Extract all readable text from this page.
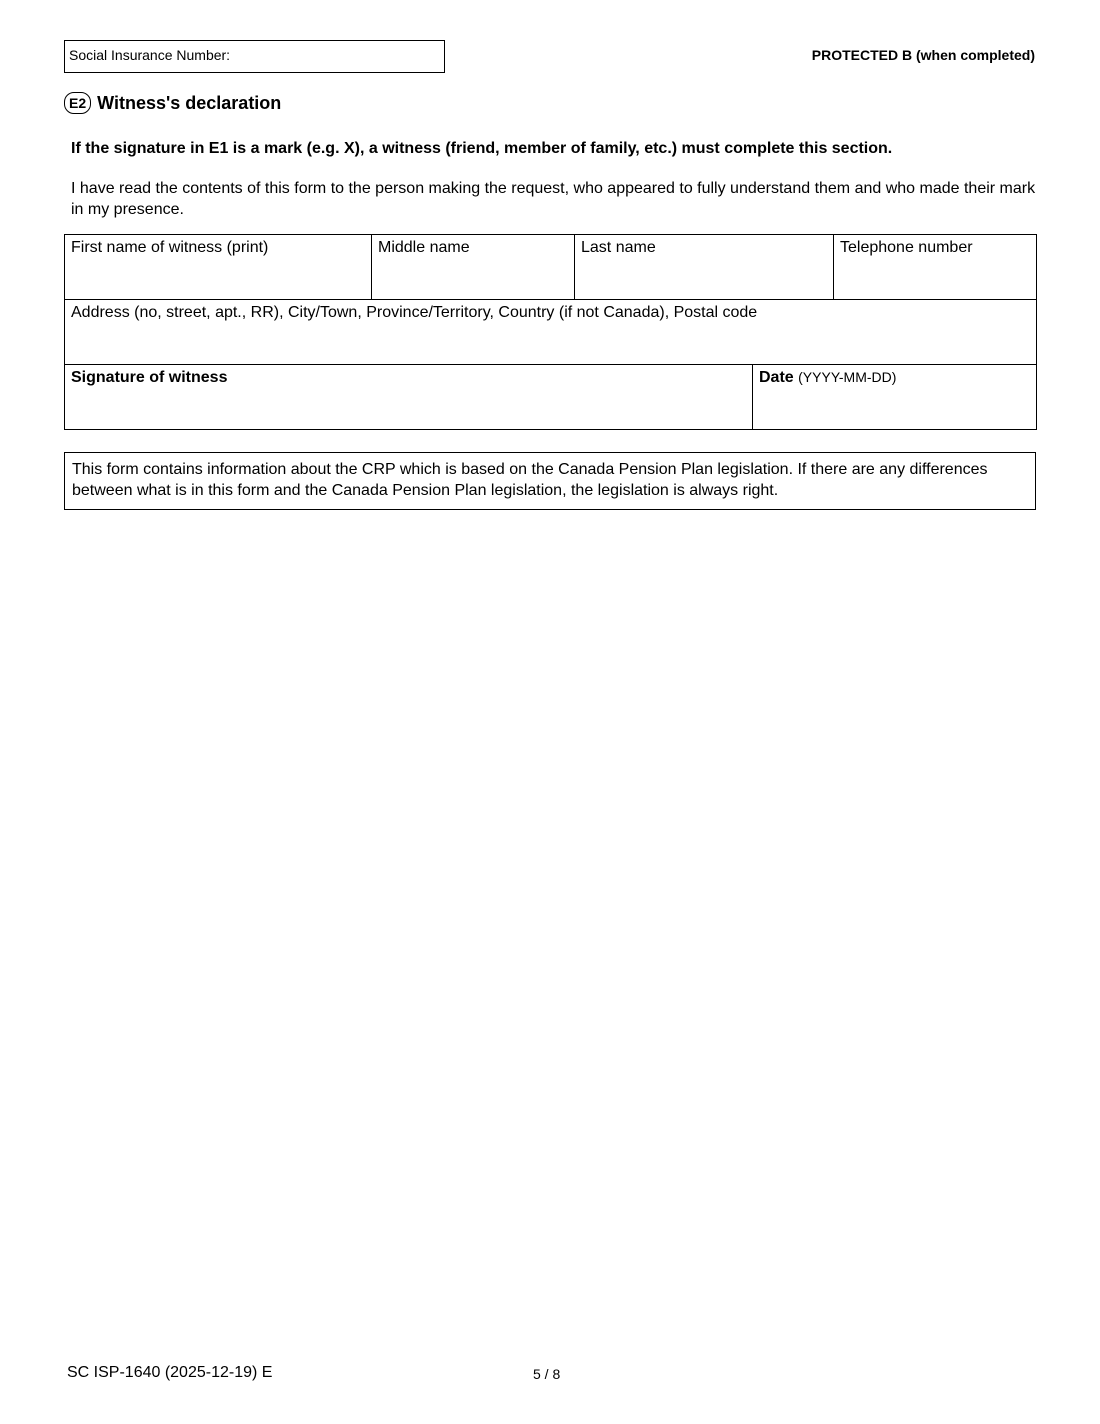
Social Insurance Number:	PROTECTED B (when completed)
E2 Witness's declaration
If the signature in E1 is a mark (e.g. X), a witness (friend, member of family, etc.) must complete this section.
I have read the contents of this form to the person making the request, who appeared to fully understand them and who made their mark in my presence.
First name of witness (print)	Middle name	Last name		Telephone number
Address (no, street, apt., RR), City/Town, Province/Territory, Country (if not Canada), Postal code				
Signature of witness			Date (YYYY-MM-DD)	
This form contains information about the CRP which is based on the Canada Pension Plan legislation. If there are any differences between what is in this form and the Canada Pension Plan legislation, the legislation is always right.
SC ISP-1640 (2025-12-19) E	5 / 8
